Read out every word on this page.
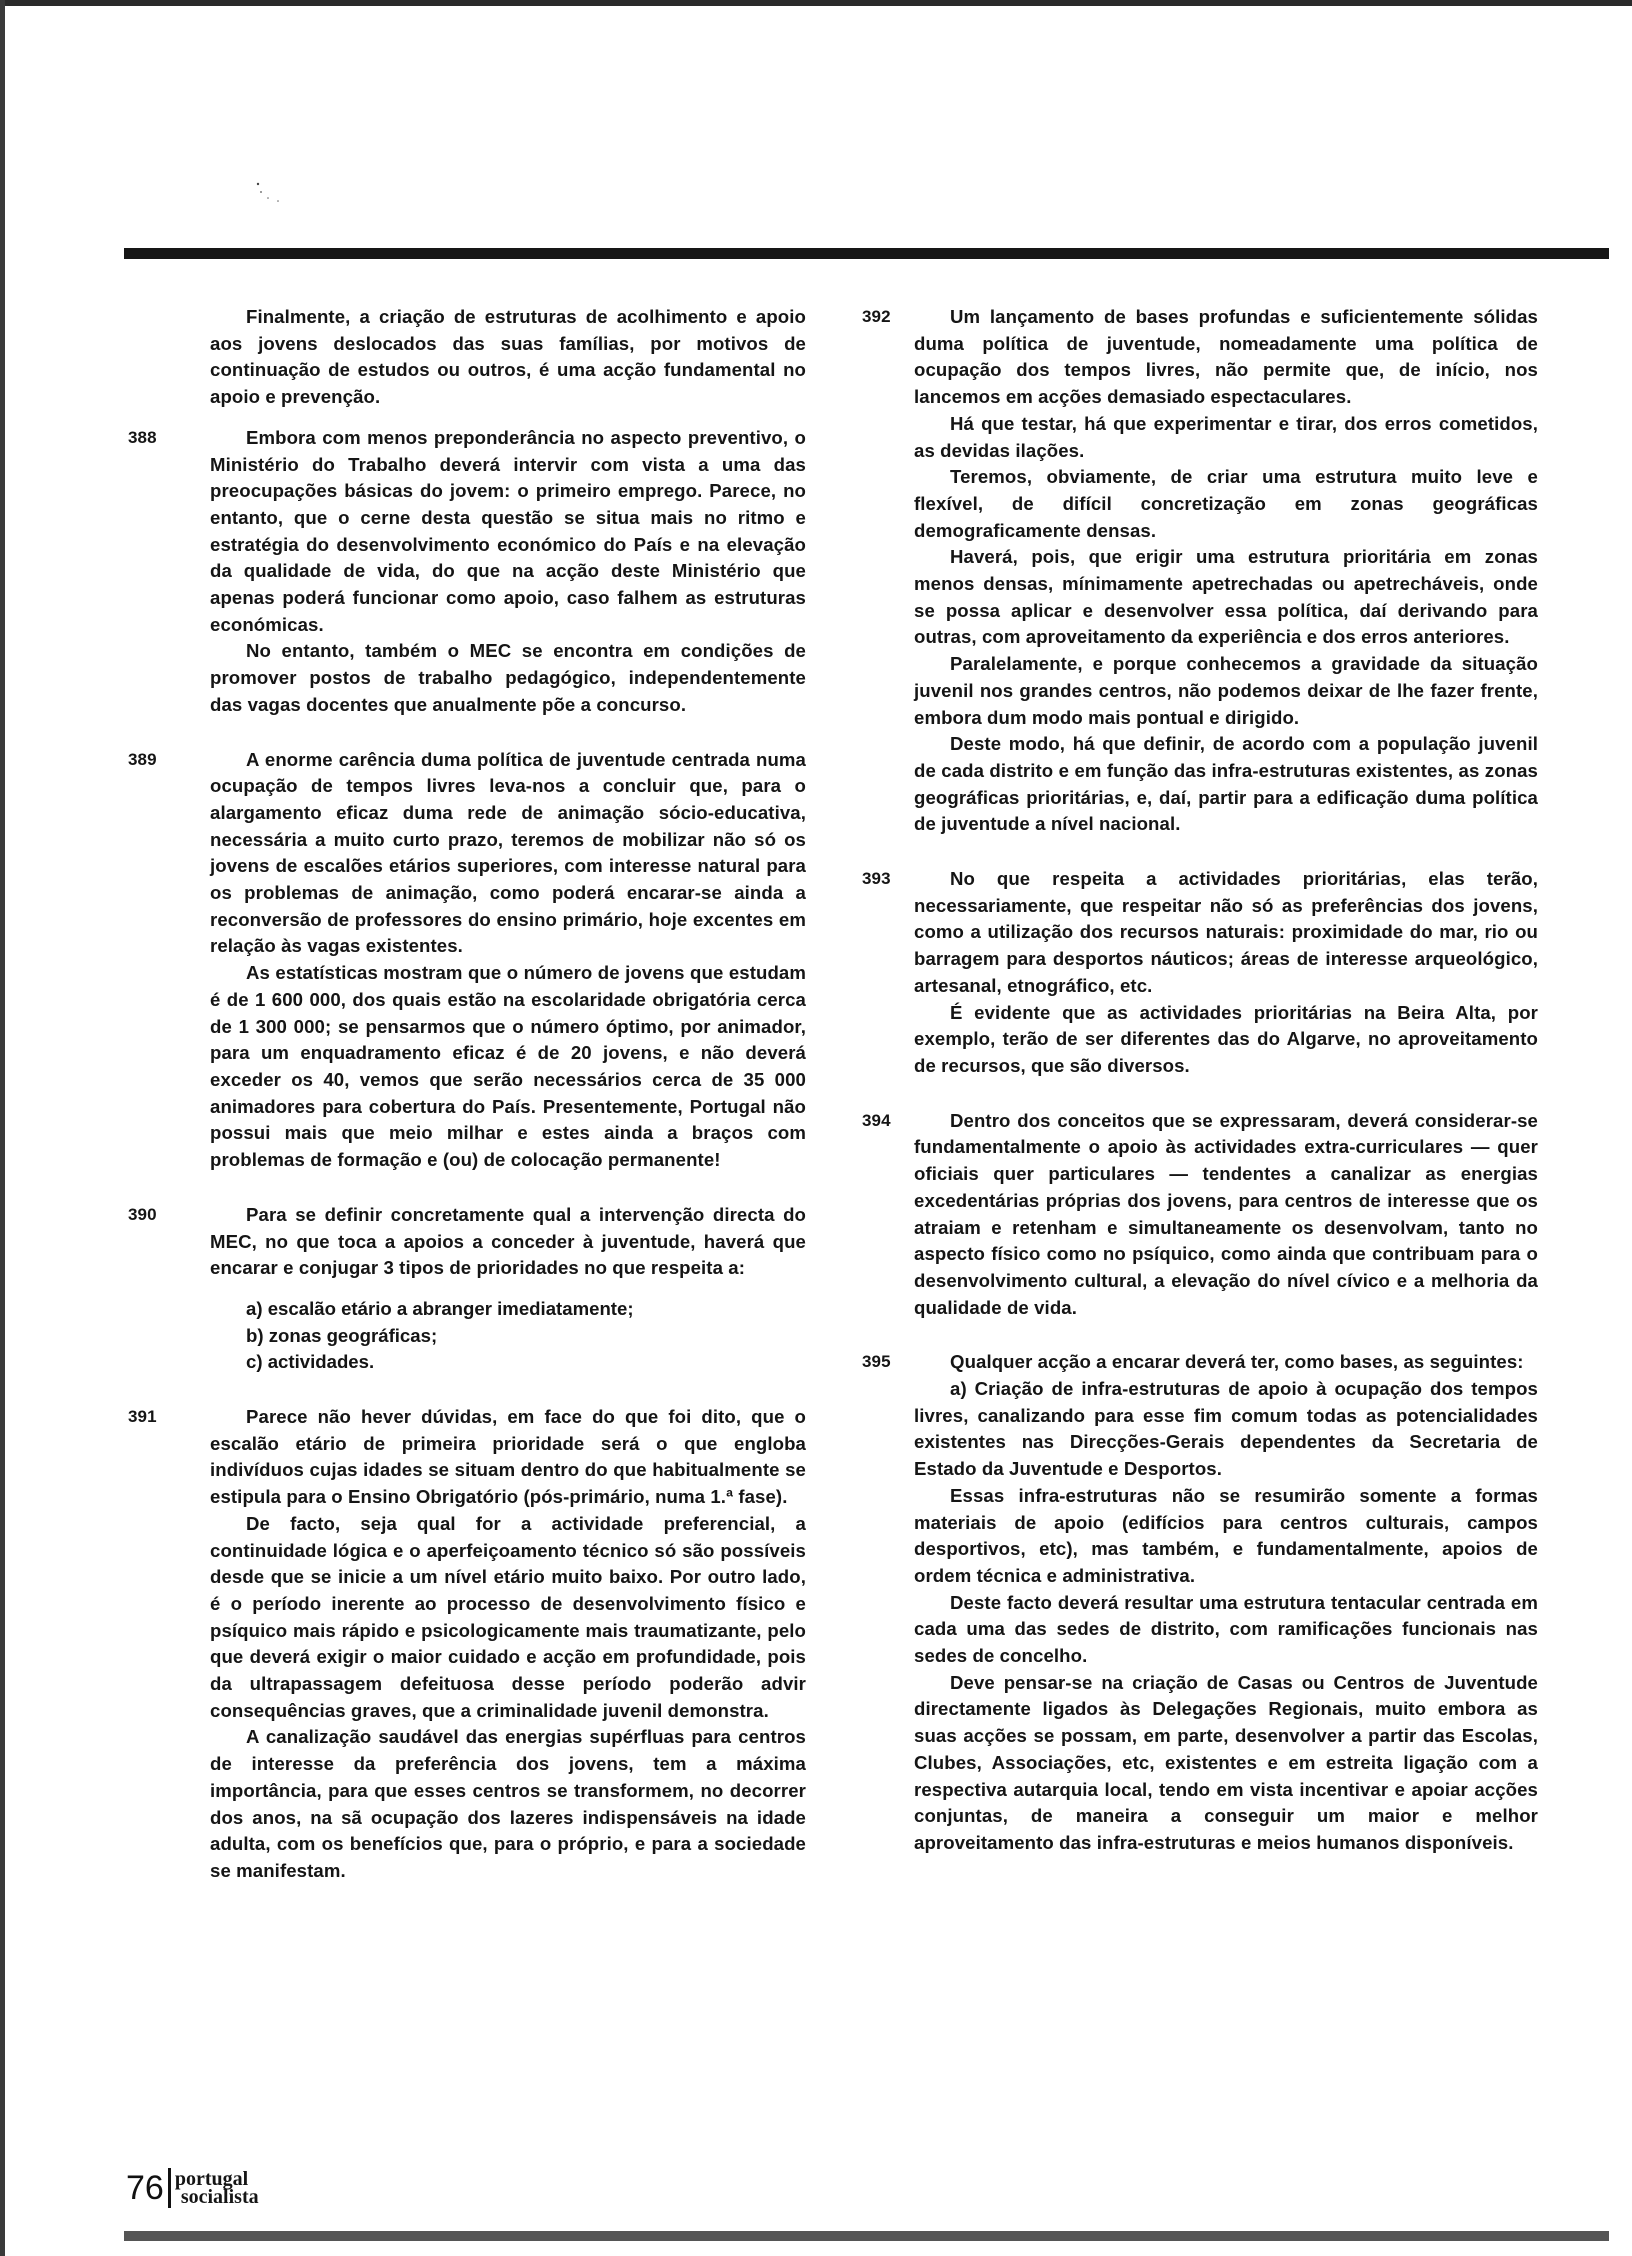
Finalmente, a criação de estruturas de acolhimento e apoio aos jovens deslocados das suas famílias, por motivos de continuação de estudos ou outros, é uma acção fundamental no apoio e prevenção.

388	Embora com menos preponderância no aspecto preventivo, o Ministério do Trabalho deverá intervir com vista a uma das preocupações básicas do jovem: o primeiro emprego. Parece, no entanto, que o cerne desta questão se situa mais no ritmo e estratégia do desenvolvimento económico do País e na elevação da qualidade de vida, do que na acção deste Ministério que apenas poderá funcionar como apoio, caso falhem as estruturas económicas.

No entanto, também o MEC se encontra em condições de promover postos de trabalho pedagógico, independentemente das vagas docentes que anualmente põe a concurso.

389	A enorme carência duma política de juventude centrada numa ocupação de tempos livres leva-nos a concluir que, para o alargamento eficaz duma rede de animação sócio-educativa, necessária a muito curto prazo, teremos de mobilizar não só os jovens de escalões etários superiores, com interesse natural para os problemas de animação, como poderá encarar-se ainda a reconversão de professores do ensino primário, hoje excentes em relação às vagas existentes.

As estatísticas mostram que o número de jovens que estudam é de 1 600 000, dos quais estão na escolaridade obrigatória cerca de 1 300 000; se pensarmos que o número óptimo, por animador, para um enquadramento eficaz é de 20 jovens, e não deverá exceder os 40, vemos que serão necessários cerca de 35 000 animadores para cobertura do País. Presentemente, Portugal não possui mais que meio milhar e estes ainda a braços com problemas de formação e (ou) de colocação permanente!

390	Para se definir concretamente qual a intervenção directa do MEC, no que toca a apoios a conceder à juventude, haverá que encarar e conjugar 3 tipos de prioridades no que respeita a:

a) escalão etário a abranger imediatamente;
b) zonas geográficas;
c) actividades.

391	Parece não hever dúvidas, em face do que foi dito, que o escalão etário de primeira prioridade será o que engloba indivíduos cujas idades se situam dentro do que habitualmente se estipula para o Ensino Obrigatório (pós-primário, numa 1.ª fase).

De facto, seja qual for a actividade preferencial, a continuidade lógica e o aperfeiçoamento técnico só são possíveis desde que se inicie a um nível etário muito baixo. Por outro lado, é o período inerente ao processo de desenvolvimento físico e psíquico mais rápido e psicologicamente mais traumatizante, pelo que deverá exigir o maior cuidado e acção em profundidade, pois da ultrapassagem defeituosa desse período poderão advir consequências graves, que a criminalidade juvenil demonstra.

A canalização saudável das energias supérfluas para centros de interesse da preferência dos jovens, tem a máxima importância, para que esses centros se transformem, no decorrer dos anos, na sã ocupação dos lazeres indispensáveis na idade adulta, com os benefícios que, para o próprio, e para a sociedade se manifestam.

392	Um lançamento de bases profundas e suficientemente sólidas duma política de juventude, nomeadamente uma política de ocupação dos tempos livres, não permite que, de início, nos lancemos em acções demasiado espectaculares.

Há que testar, há que experimentar e tirar, dos erros cometidos, as devidas ilações.

Teremos, obviamente, de criar uma estrutura muito leve e flexível, de difícil concretização em zonas geográficas demograficamente densas.

Haverá, pois, que erigir uma estrutura prioritária em zonas menos densas, mínimamente apetrechadas ou apetrecháveis, onde se possa aplicar e desenvolver essa política, daí derivando para outras, com aproveitamento da experiência e dos erros anteriores.

Paralelamente, e porque conhecemos a gravidade da situação juvenil nos grandes centros, não podemos deixar de lhe fazer frente, embora dum modo mais pontual e dirigido.

Deste modo, há que definir, de acordo com a população juvenil de cada distrito e em função das infra-estruturas existentes, as zonas geográficas prioritárias, e, daí, partir para a edificação duma política de juventude a nível nacional.

393	No que respeita a actividades prioritárias, elas terão, necessariamente, que respeitar não só as preferências dos jovens, como a utilização dos recursos naturais: proximidade do mar, rio ou barragem para desportos náuticos; áreas de interesse arqueológico, artesanal, etnográfico, etc.

É evidente que as actividades prioritárias na Beira Alta, por exemplo, terão de ser diferentes das do Algarve, no aproveitamento de recursos, que são diversos.

394	Dentro dos conceitos que se expressaram, deverá considerar-se fundamentalmente o apoio às actividades extra-curriculares — quer oficiais quer particulares — tendentes a canalizar as energias excedentárias próprias dos jovens, para centros de interesse que os atraiam e retenham e simultaneamente os desenvolvam, tanto no aspecto físico como no psíquico, como ainda que contribuam para o desenvolvimento cultural, a elevação do nível cívico e a melhoria da qualidade de vida.

395	Qualquer acção a encarar deverá ter, como bases, as seguintes:

a) Criação de infra-estruturas de apoio à ocupação dos tempos livres, canalizando para esse fim comum todas as potencialidades existentes nas Direcções-Gerais dependentes da Secretaria de Estado da Juventude e Desportos.

Essas infra-estruturas não se resumirão somente a formas materiais de apoio (edifícios para centros culturais, campos desportivos, etc), mas também, e fundamentalmente, apoios de ordem técnica e administrativa.

Deste facto deverá resultar uma estrutura tentacular centrada em cada uma das sedes de distrito, com ramificações funcionais nas sedes de concelho.

Deve pensar-se na criação de Casas ou Centros de Juventude directamente ligados às Delegações Regionais, muito embora as suas acções se possam, em parte, desenvolver a partir das Escolas, Clubes, Associações, etc, existentes e em estreita ligação com a respectiva autarquia local, tendo em vista incentivar e apoiar acções conjuntas, de maneira a conseguir um maior e melhor aproveitamento das infra-estruturas e meios humanos disponíveis.

76 portugal
socialista
